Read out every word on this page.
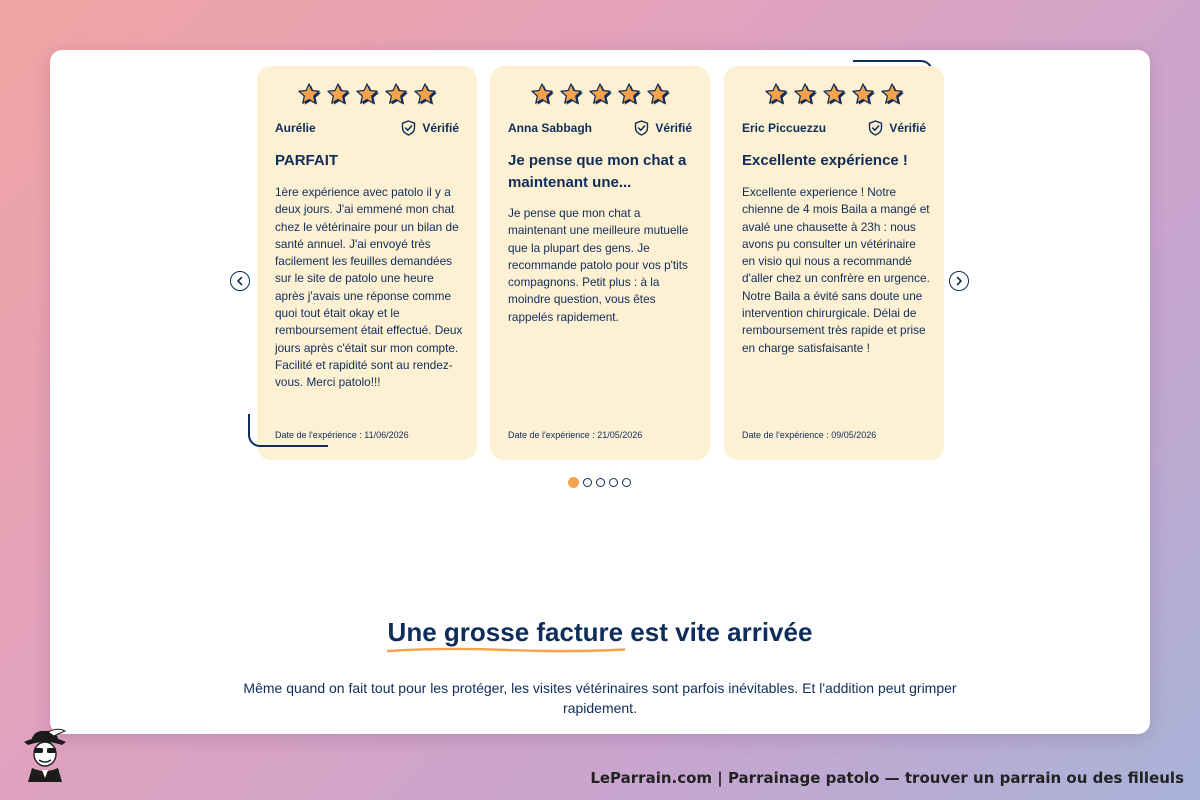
Aurélie	Vérifié
PARFAIT
1ère expérience avec patolo il y a deux jours. J'ai emmené mon chat chez le vétérinaire pour un bilan de santé annuel. J'ai envoyé très facilement les feuilles demandées sur le site de patolo une heure après j'avais une réponse comme quoi tout était okay et le remboursement était effectué. Deux jours après c'était sur mon compte. Facilité et rapidité sont au rendez-vous. Merci patolo!!!
Date de l'expérience : 11/06/2026
Anna Sabbagh	Vérifié
Je pense que mon chat a maintenant une...
Je pense que mon chat a maintenant une meilleure mutuelle que la plupart des gens. Je recommande patolo pour vos p'tits compagnons. Petit plus : à la moindre question, vous êtes rappelés rapidement.
Date de l'expérience : 21/05/2026
Eric Piccuezzu	Vérifié
Excellente expérience !
Excellente experience ! Notre chienne de 4 mois Baila a mangé et avalé une chausette à 23h : nous avons pu consulter un vétérinaire en visio qui nous a recommandé d'aller chez un confrère en urgence. Notre Baila a évité sans doute une intervention chirurgicale. Délai de remboursement très rapide et prise en charge satisfaisante !
Date de l'expérience : 09/05/2026
Une grosse facture
est vite arrivée
Même quand on fait tout pour les protéger, les visites vétérinaires sont parfois inévitables. Et l'addition peut grimper rapidement.
LeParrain.com | Parrainage patolo — trouver un parrain ou des filleuls
